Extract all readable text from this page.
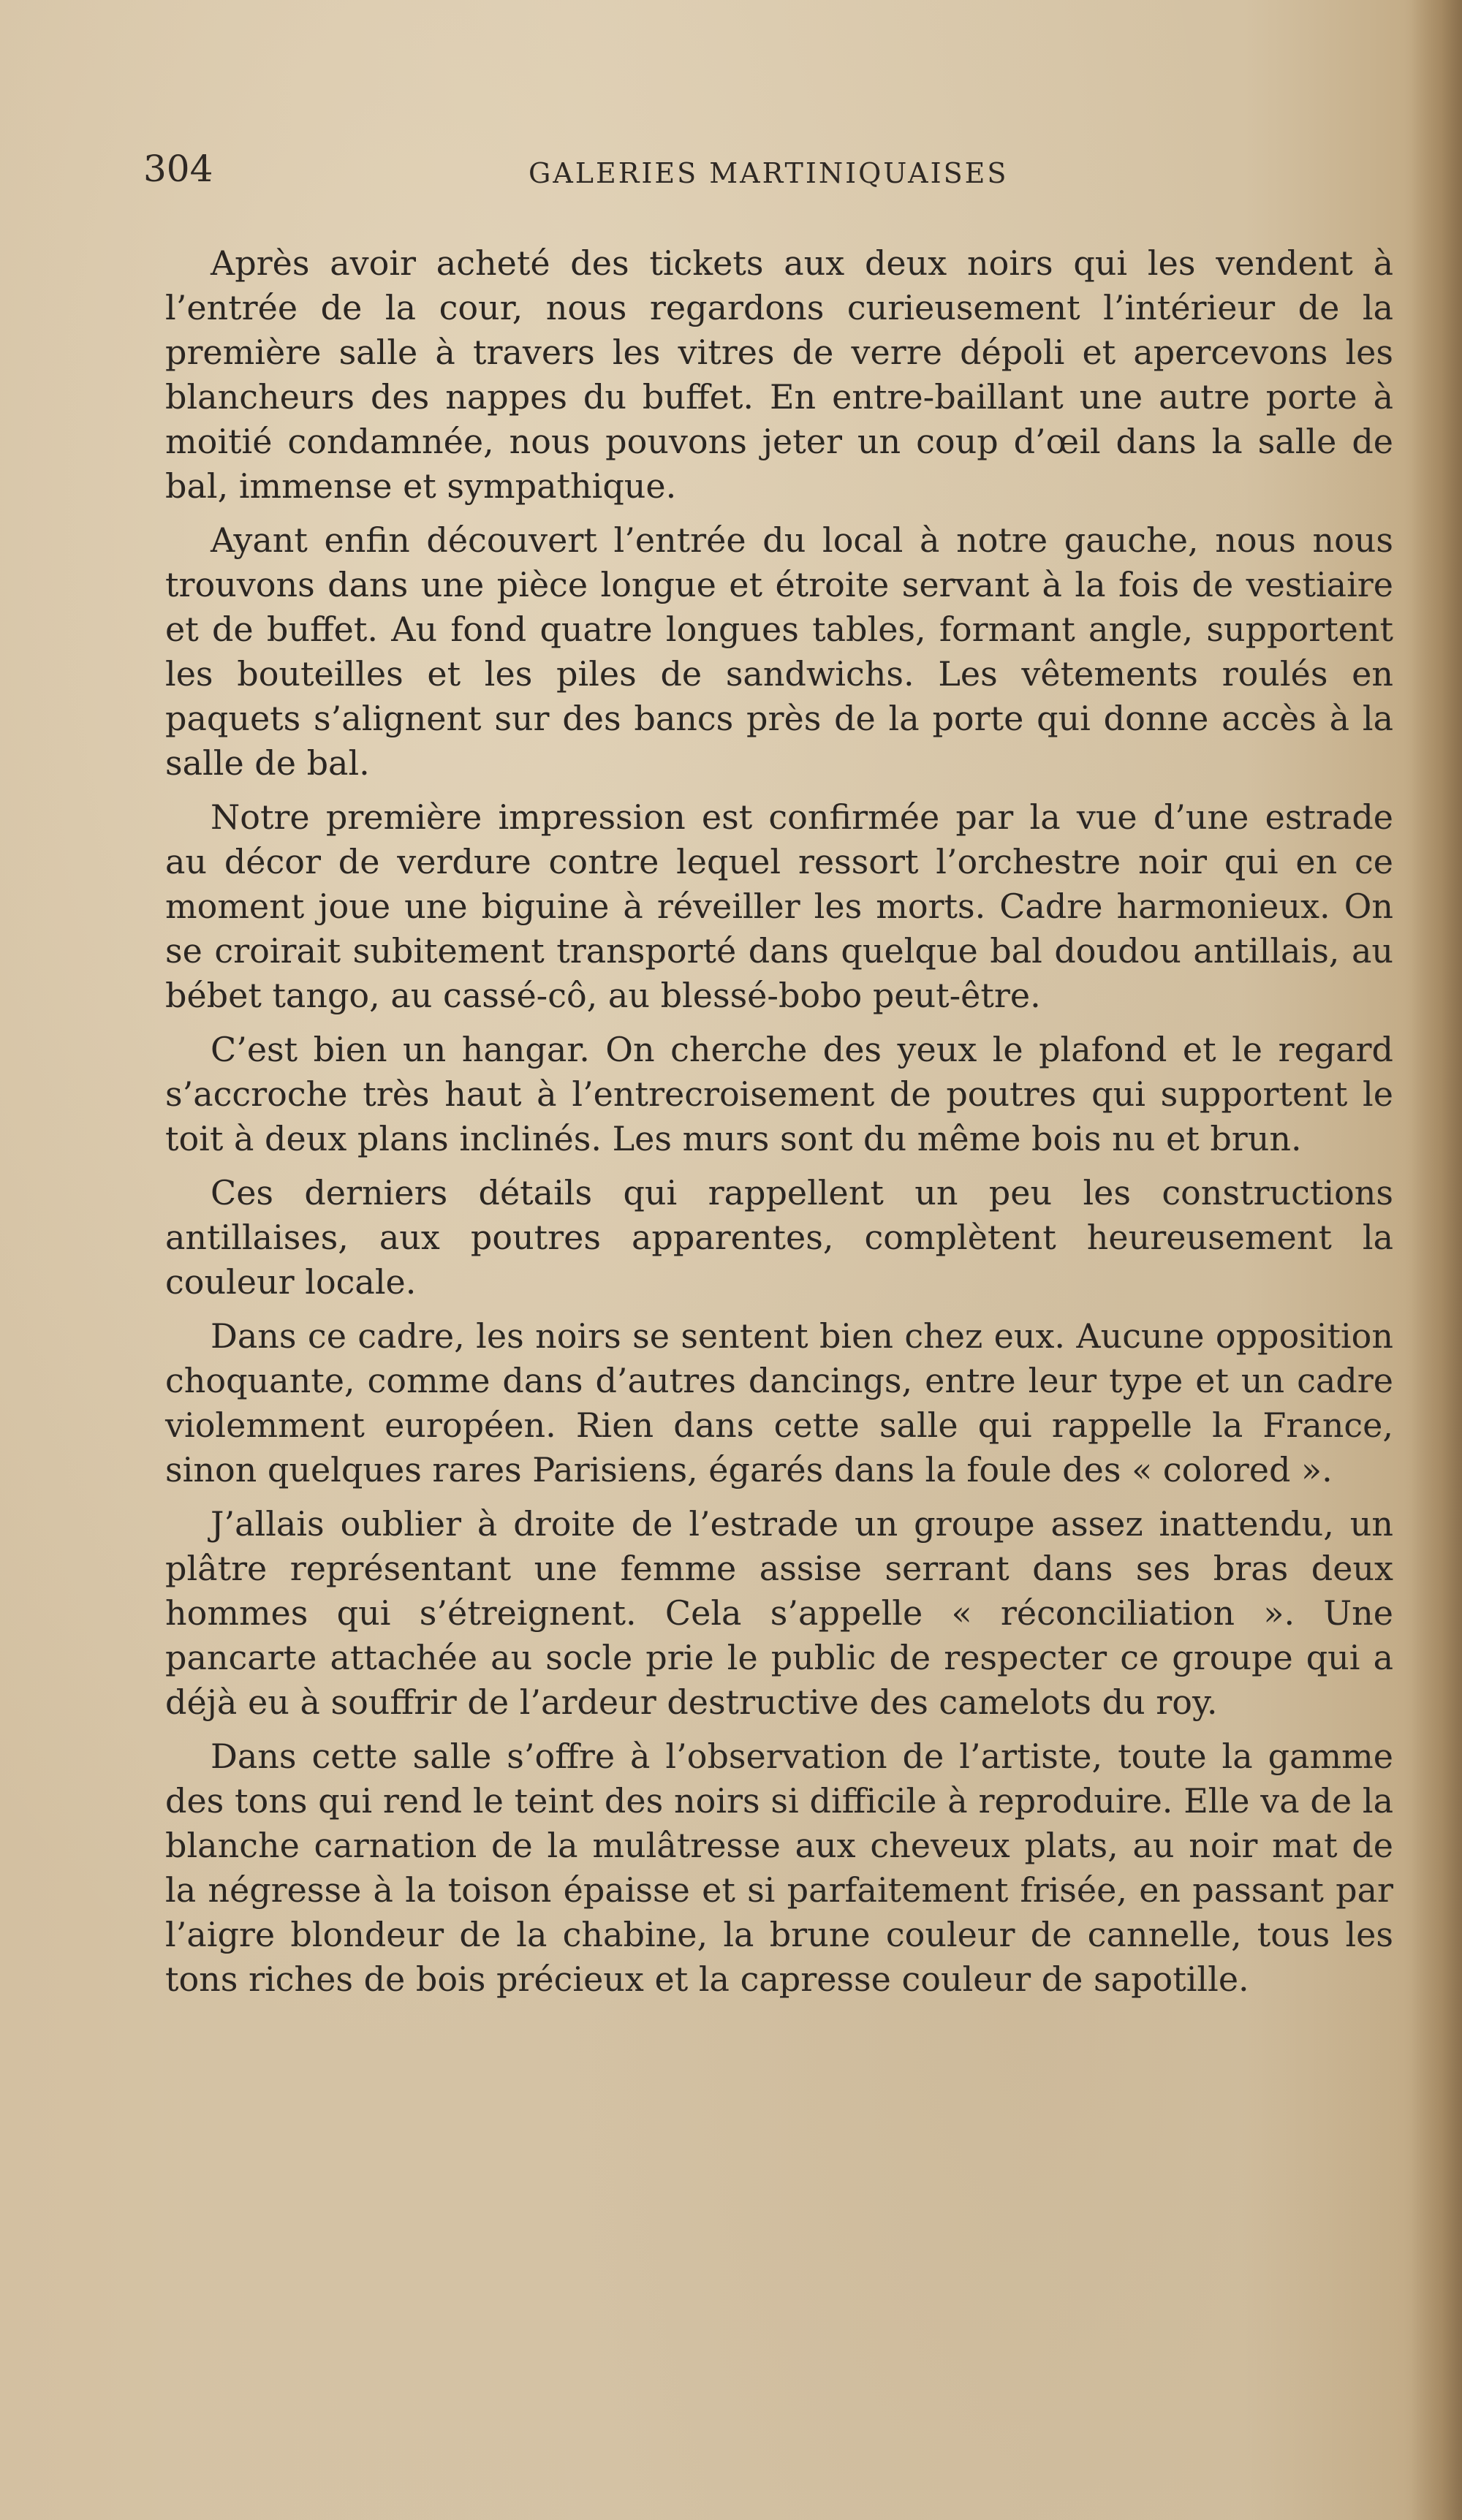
304	GALERIES MARTINIQUAISES

Après avoir acheté des tickets aux deux noirs qui les vendent à l’entrée de la cour, nous regardons curieusement l’intérieur de la première salle à travers les vitres de verre dépoli et apercevons les blancheurs des nappes du buffet. En entre-baillant une autre porte à moitié condamnée, nous pouvons jeter un coup d’œil dans la salle de bal, immense et sympathique.

Ayant enfin découvert l’entrée du local à notre gauche, nous nous trouvons dans une pièce longue et étroite servant à la fois de vestiaire et de buffet. Au fond quatre longues tables, formant angle, supportent les bouteilles et les piles de sandwichs. Les vêtements roulés en paquets s’alignent sur des bancs près de la porte qui donne accès à la salle de bal.

Notre première impression est confirmée par la vue d’une estrade au décor de verdure contre lequel ressort l’orchestre noir qui en ce moment joue une biguine à réveiller les morts. Cadre harmonieux. On se croirait subitement transporté dans quelque bal doudou antillais, au bébet tango, au cassé-cô, au blessé-bobo peut-être.

C’est bien un hangar. On cherche des yeux le plafond et le regard s’accroche très haut à l’entrecroisement de poutres qui supportent le toit à deux plans inclinés. Les murs sont du même bois nu et brun.

Ces derniers détails qui rappellent un peu les constructions antillaises, aux poutres apparentes, complètent heureusement la couleur locale.

Dans ce cadre, les noirs se sentent bien chez eux. Aucune opposition choquante, comme dans d’autres dancings, entre leur type et un cadre violemment européen. Rien dans cette salle qui rappelle la France, sinon quelques rares Parisiens, égarés dans la foule des « colored ».

J’allais oublier à droite de l’estrade un groupe assez inattendu, un plâtre représentant une femme assise serrant dans ses bras deux hommes qui s’étreignent. Cela s’appelle « réconciliation ». Une pancarte attachée au socle prie le public de respecter ce groupe qui a déjà eu à souffrir de l’ardeur destructive des camelots du roy.

Dans cette salle s’offre à l’observation de l’artiste, toute la gamme des tons qui rend le teint des noirs si difficile à reproduire. Elle va de la blanche carnation de la mulâtresse aux cheveux plats, au noir mat de la négresse à la toison épaisse et si parfaitement frisée, en passant par l’aigre blondeur de la chabine, la brune couleur de cannelle, tous les tons riches de bois précieux et la capresse couleur de sapotille.
